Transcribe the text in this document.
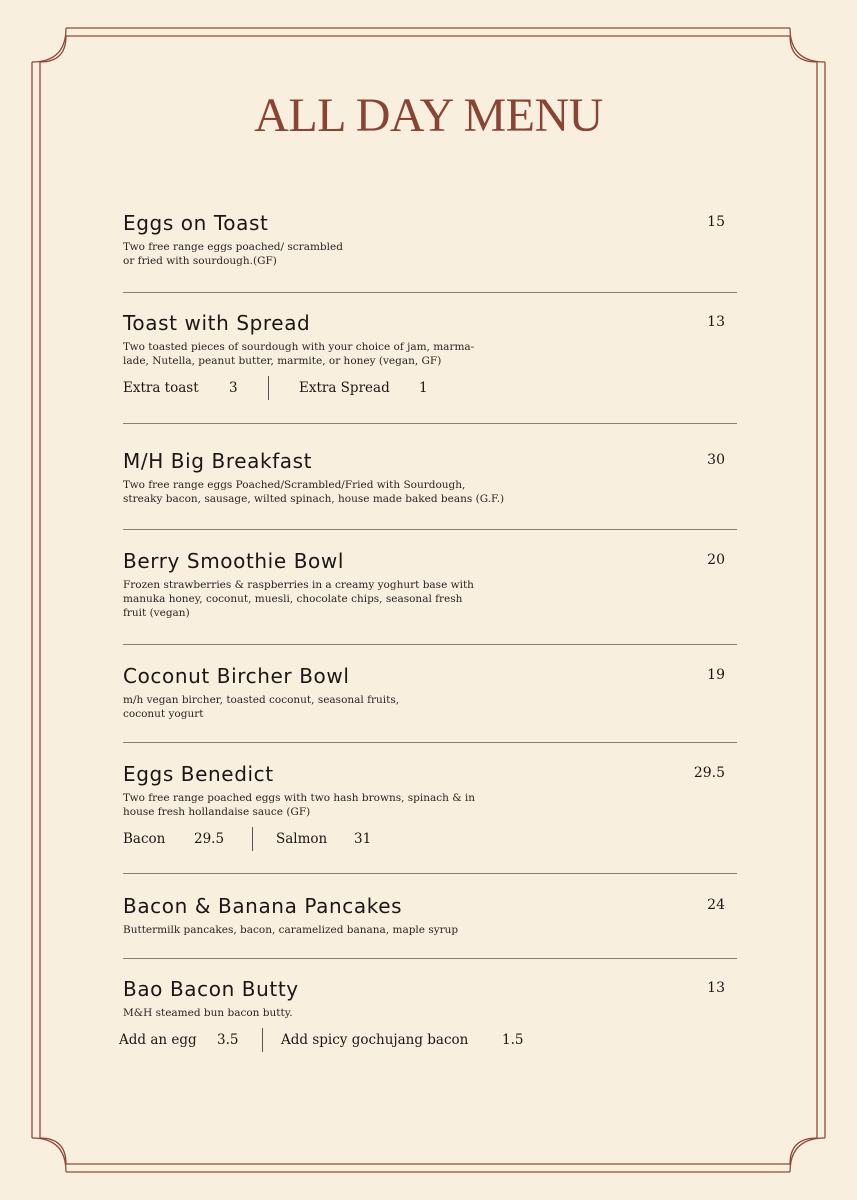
ALL DAY MENU
Eggs on Toast	15
Two free range eggs poached/ scrambled
or fried with sourdough.(GF)
Toast with Spread	13
Two toasted pieces of sourdough with your choice of jam, marma-
lade, Nutella, peanut butter, marmite, or honey (vegan, GF)
Extra toast 3	Extra Spread 1
M/H Big Breakfast	30
Two free range eggs Poached/Scrambled/Fried with Sourdough,
streaky bacon, sausage, wilted spinach, house made baked beans (G.F.)
Berry Smoothie Bowl	20
Frozen strawberries & raspberries in a creamy yoghurt base with
manuka honey, coconut, muesli, chocolate chips, seasonal fresh
fruit (vegan)
Coconut Bircher Bowl	19
m/h vegan bircher, toasted coconut, seasonal fruits,
coconut yogurt
Eggs Benedict	29.5
Two free range poached eggs with two hash browns, spinach & in
house fresh hollandaise sauce (GF)
Bacon 29.5	Salmon 31
Bacon & Banana Pancakes	24
Buttermilk pancakes, bacon, caramelized banana, maple syrup
Bao Bacon Butty	13
M&H steamed bun bacon butty.
Add an egg 3.5	Add spicy gochujang bacon 1.5
